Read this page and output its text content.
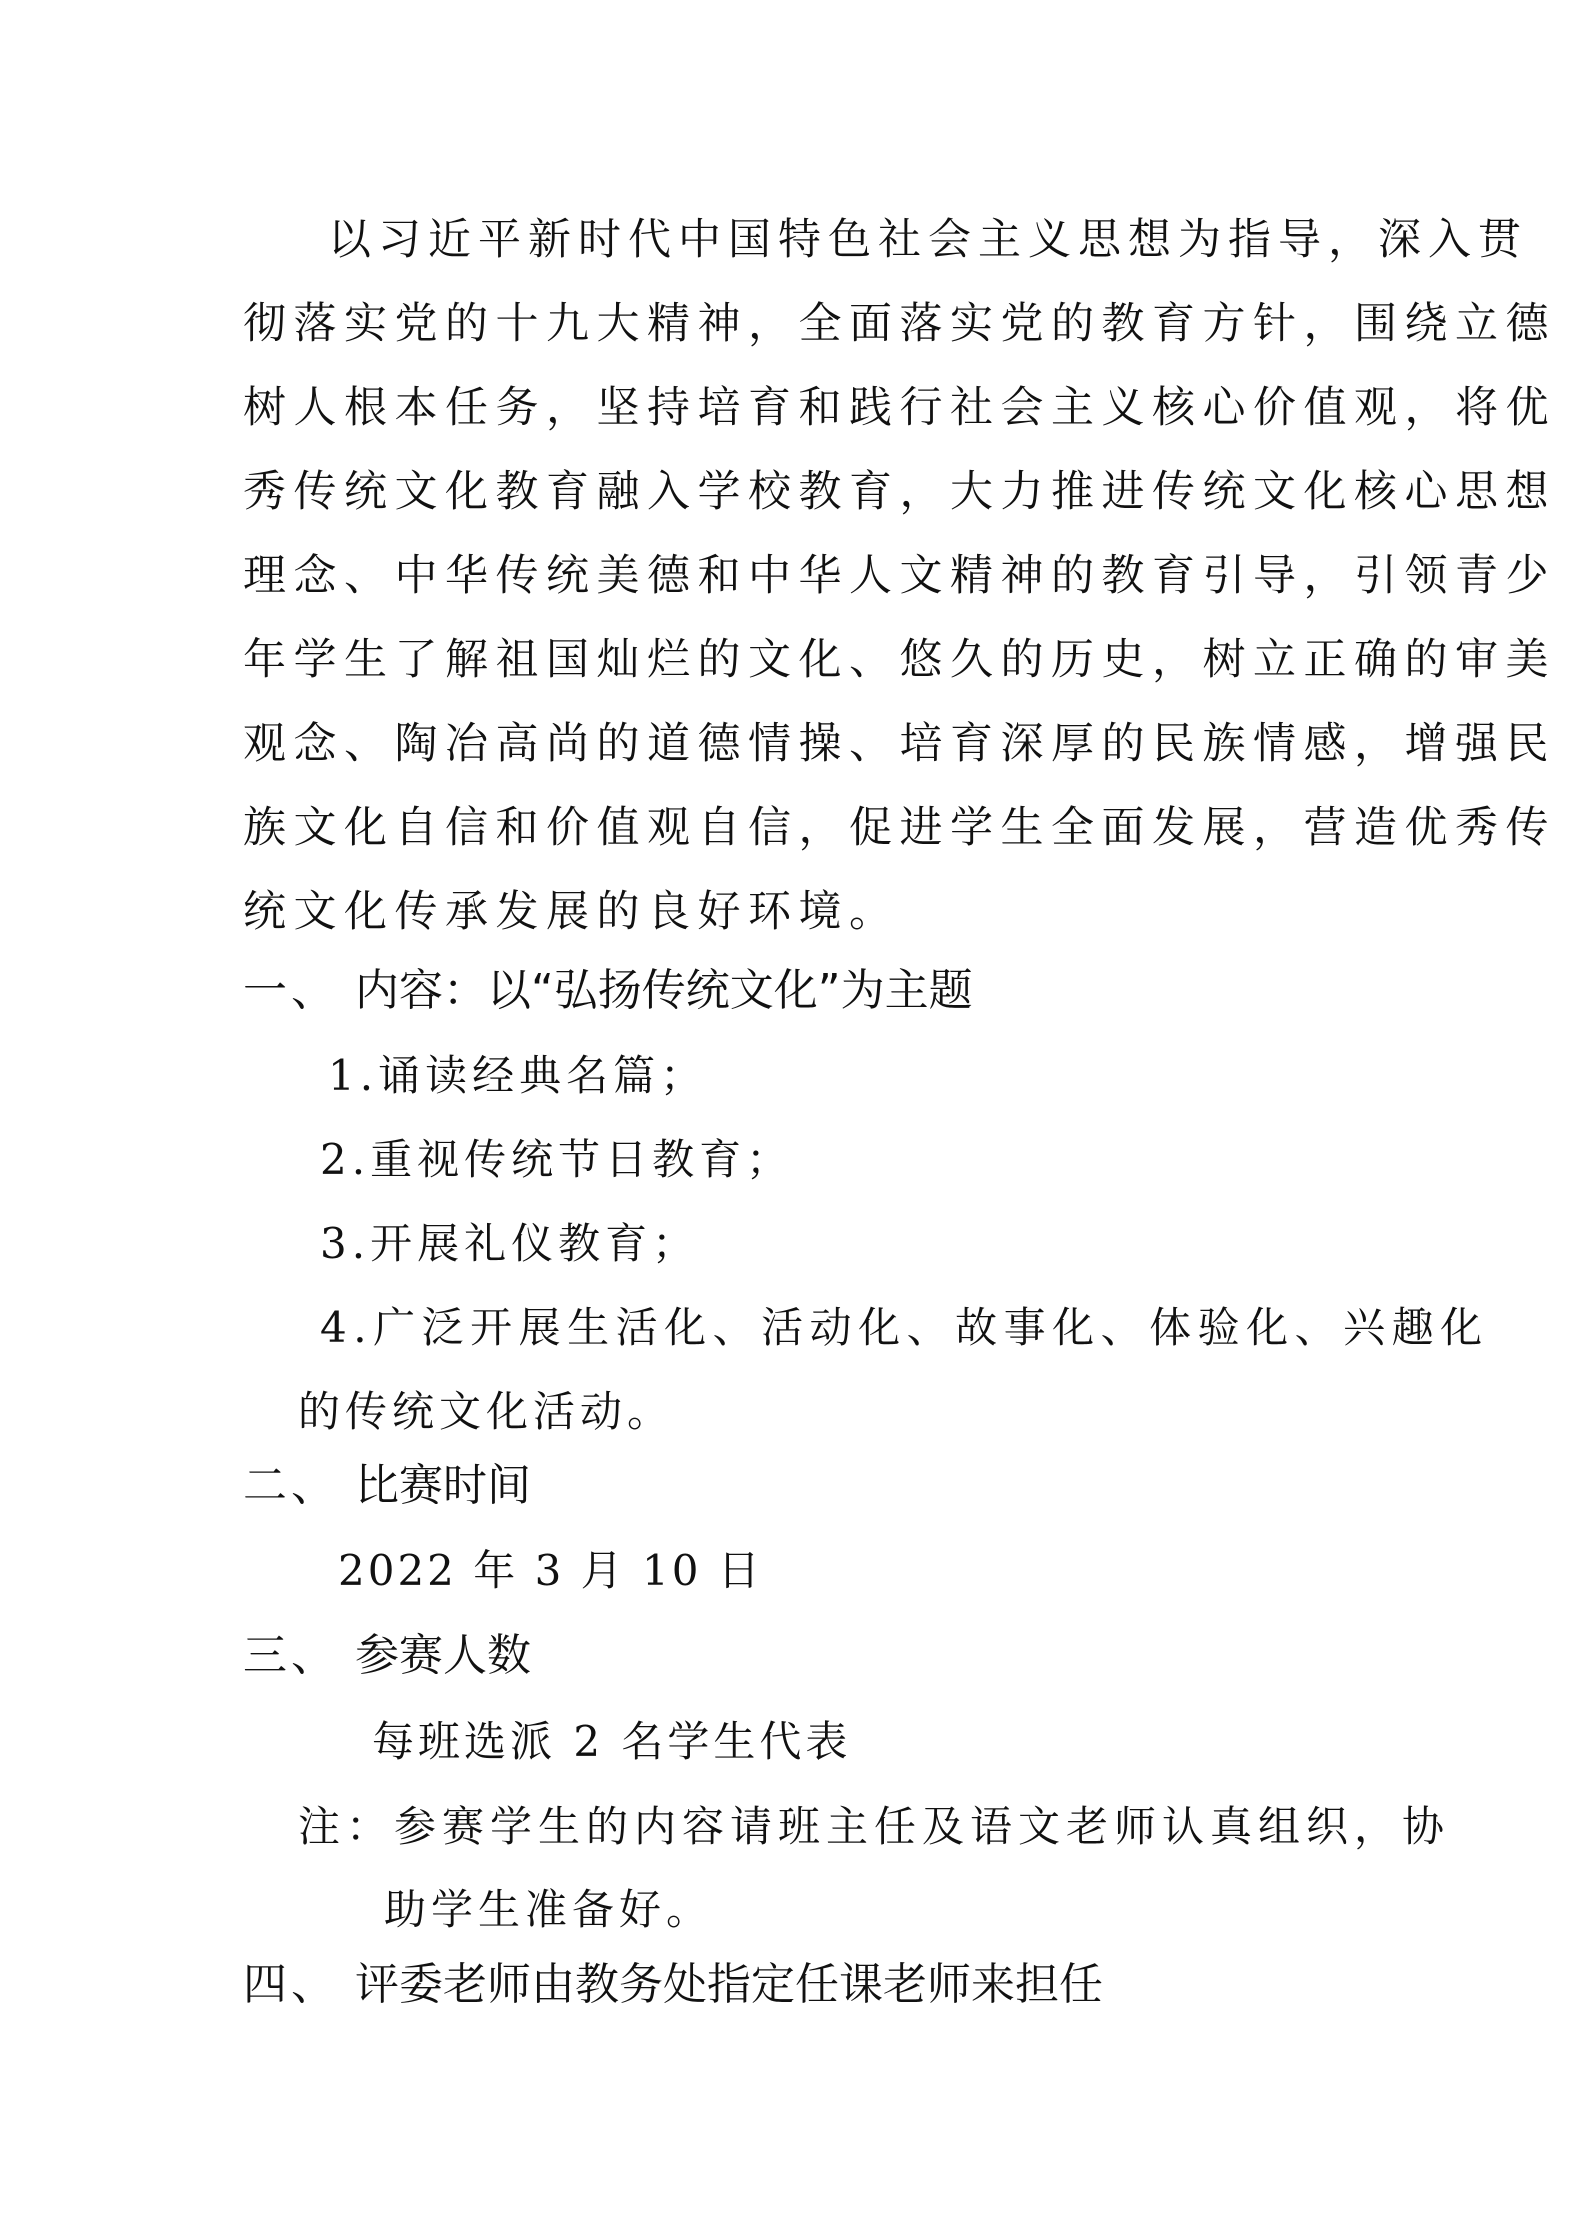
以习近平新时代中国特色社会主义思想为指导，深入贯
彻落实党的十九大精神，全面落实党的教育方针，围绕立德
树人根本任务，坚持培育和践行社会主义核心价值观，将优
秀传统文化教育融入学校教育，大力推进传统文化核心思想
理念、中华传统美德和中华人文精神的教育引导，引领青少
年学生了解祖国灿烂的文化、悠久的历史，树立正确的审美
观念、陶冶高尚的道德情操、培育深厚的民族情感，增强民
族文化自信和价值观自信，促进学生全面发展，营造优秀传
统文化传承发展的良好环境。
一、 内容：以“弘扬传统文化”为主题
1.诵读经典名篇；
2.重视传统节日教育；
3.开展礼仪教育；
4.广泛开展生活化、活动化、故事化、体验化、兴趣化
的传统文化活动。
二、 比赛时间
2022 年 3 月 10 日
三、 参赛人数
每班选派 2 名学生代表
注：参赛学生的内容请班主任及语文老师认真组织，协
助学生准备好。
四、 评委老师由教务处指定任课老师来担任
